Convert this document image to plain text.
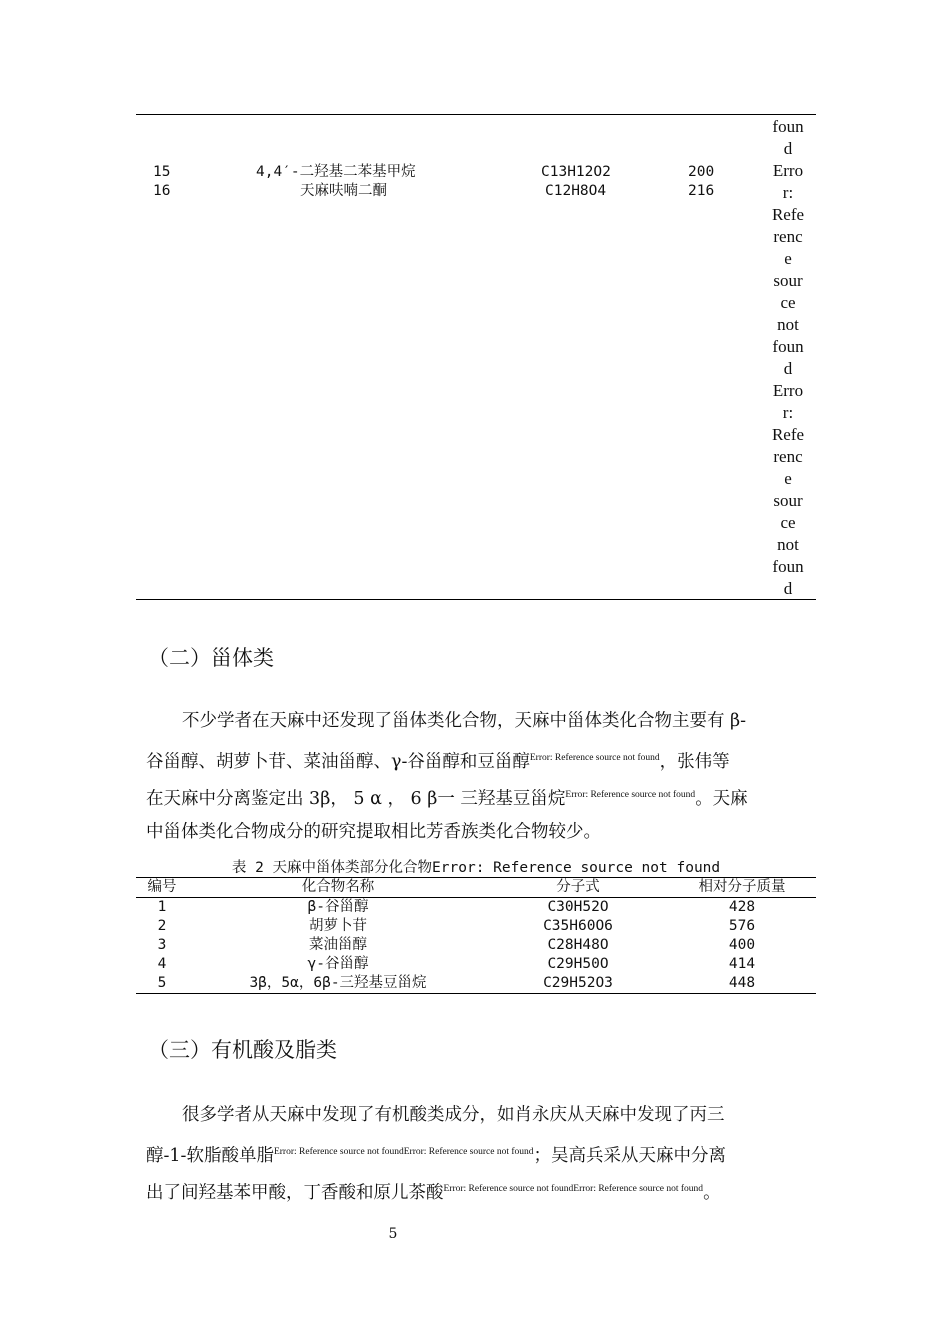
15	4,4′-二羟基二苯基甲烷	C13H12O2	200
16	天麻呋喃二酮	C12H8O4	216
foun
d
Erro
r:
Refe
renc
e
sour
ce
not
foun
d
Erro
r:
Refe
renc
e
sour
ce
not
foun
d
（二）甾体类
不少学者在天麻中还发现了甾体类化合物，天麻中甾体类化合物主要有 β-
谷甾醇、胡萝卜苷、菜油甾醇、γ-谷甾醇和豆甾醇$^{Error: Reference source not found}$，张伟等
在天麻中分离鉴定出 3β， 5 α ， 6 β一 三羟基豆甾烷$^{Error: Reference source not found}$。天麻
中甾体类化合物成分的研究提取相比芳香族类化合物较少。
表 2 天麻中甾体类部分化合物Error: Reference source not found
编号	化合物名称	分子式	相对分子质量
1	β-谷甾醇	C30H52O	428
2	胡萝卜苷	C35H60O6	576
3	菜油甾醇	C28H48O	400
4	γ-谷甾醇	C29H50O	414
5	3β，5α，6β-三羟基豆甾烷	C29H52O3	448
（三）有机酸及脂类
很多学者从天麻中发现了有机酸类成分，如肖永庆从天麻中发现了丙三
醇-1-软脂酸单脂$^{Error: Reference source not foundError: Reference source not found}$；吴高兵采从天麻中分离
出了间羟基苯甲酸，丁香酸和原儿茶酸$^{Error: Reference source not foundError: Reference source not found}$。
5
